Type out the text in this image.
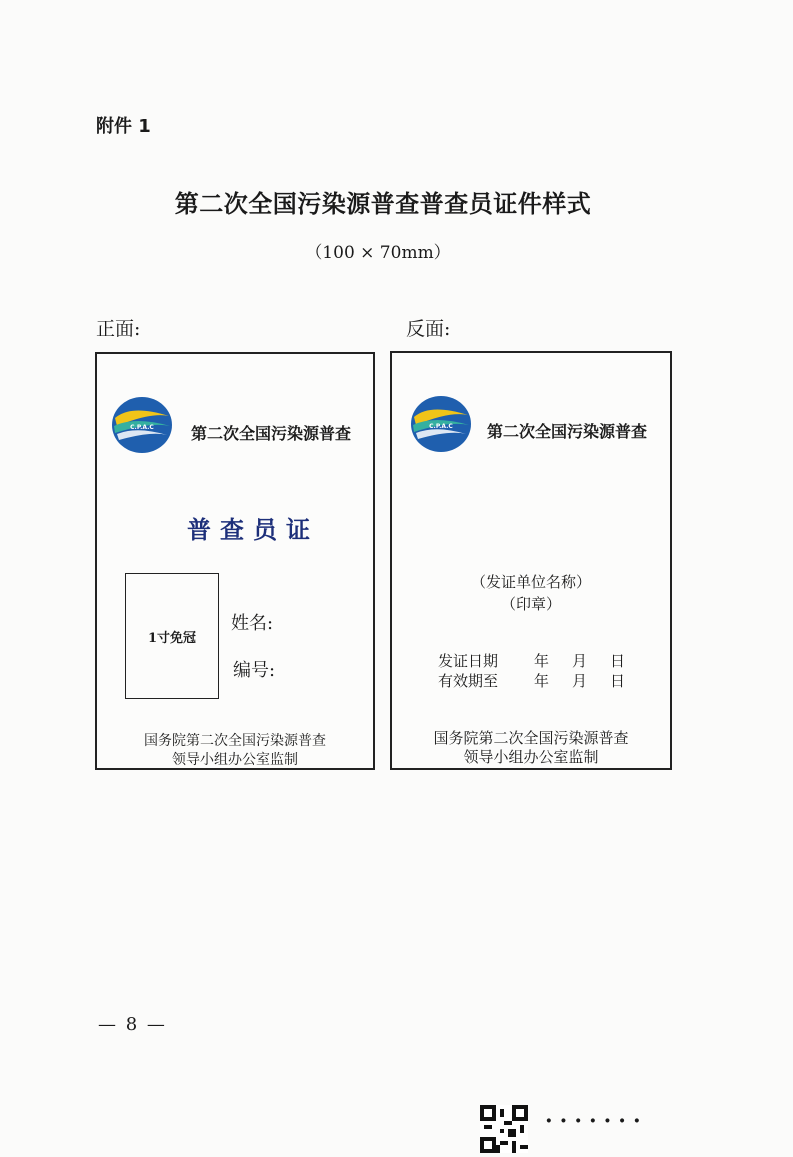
附件 1
第二次全国污染源普查普查员证件样式
（100 × 70mm）
正面:	反面:
C.P.A.C 第二次全国污染源普查
普查员证
1寸免冠
姓名:
编号:
国务院第二次全国污染源普查
领导小组办公室监制
C.P.A.C 第二次全国污染源普查
（发证单位名称）
（印章）
发证日期 年 月 日
有效期至 年 月 日
国务院第二次全国污染源普查
领导小组办公室监制
— 8 —
·······
